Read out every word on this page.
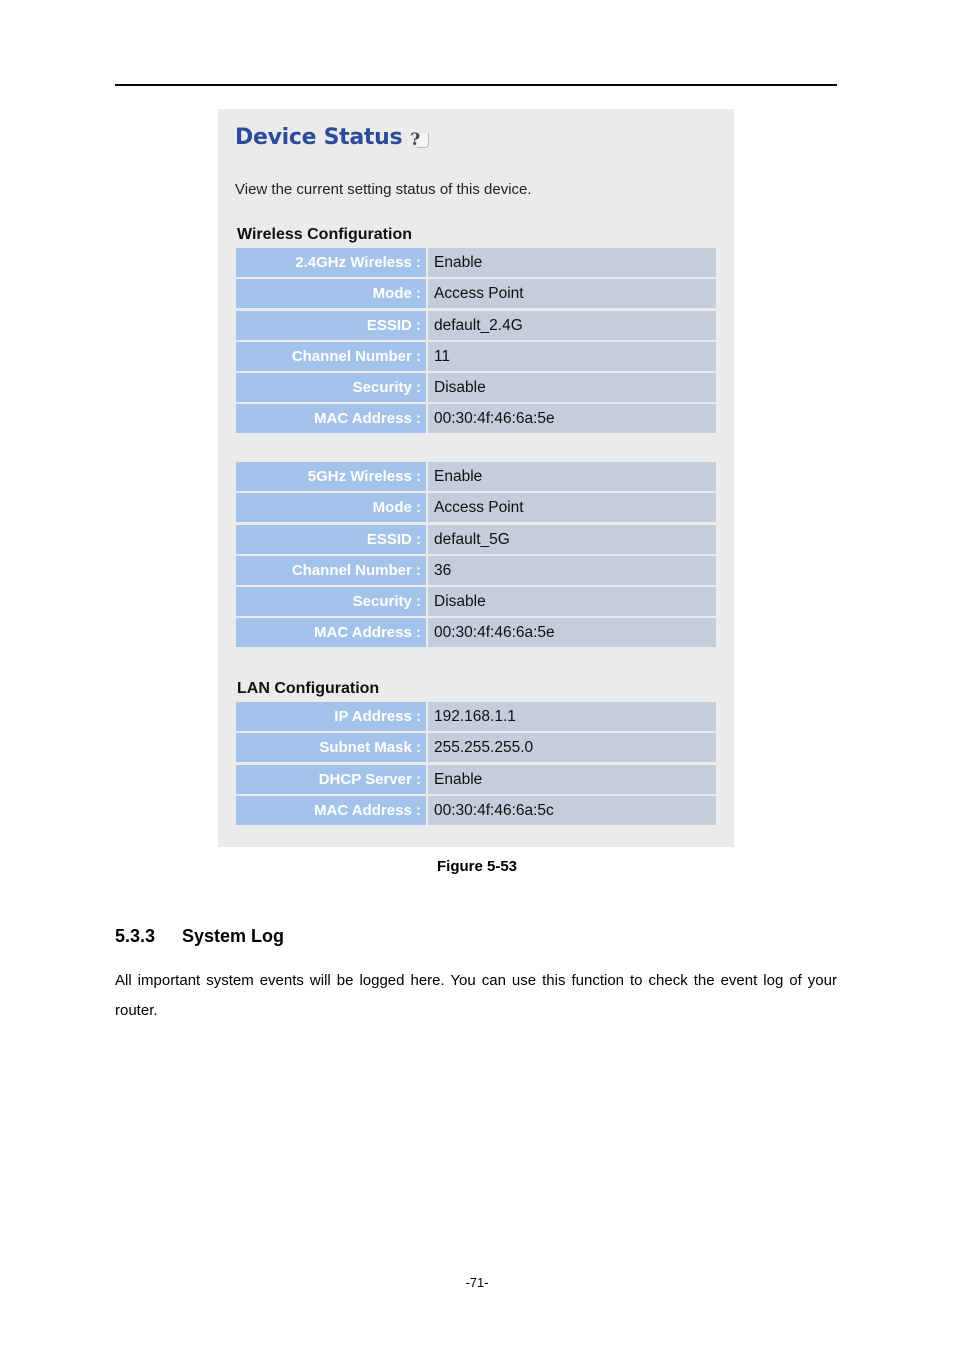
Device Status ?
View the current setting status of this device.
Wireless Configuration
2.4GHz Wireless : Enable
Mode : Access Point
ESSID : default_2.4G
Channel Number : 11
Security : Disable
MAC Address : 00:30:4f:46:6a:5e
5GHz Wireless : Enable
Mode : Access Point
ESSID : default_5G
Channel Number : 36
Security : Disable
MAC Address : 00:30:4f:46:6a:5e
LAN Configuration
IP Address : 192.168.1.1
Subnet Mask : 255.255.255.0
DHCP Server : Enable
MAC Address : 00:30:4f:46:6a:5c
Figure 5-53
5.3.3 System Log
All important system events will be logged here. You can use this function to check the event log of your router.
-71-
